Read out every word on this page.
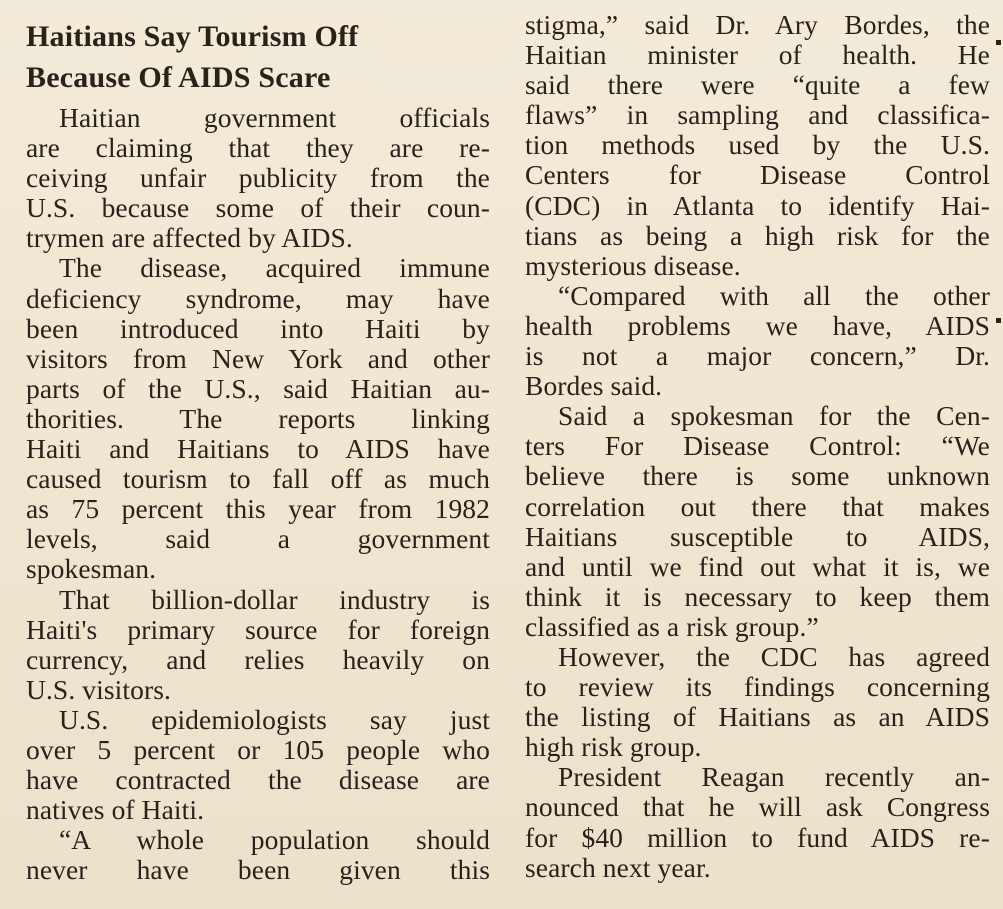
Haitians Say Tourism Off
Because Of AIDS Scare
Haitian government officials
are claiming that they are re-
ceiving unfair publicity from the
U.S. because some of their coun-
trymen are affected by AIDS.
The disease, acquired immune
deficiency syndrome, may have
been introduced into Haiti by
visitors from New York and other
parts of the U.S., said Haitian au-
thorities. The reports linking
Haiti and Haitians to AIDS have
caused tourism to fall off as much
as 75 percent this year from 1982
levels, said a government
spokesman.
That billion-dollar industry is
Haiti's primary source for foreign
currency, and relies heavily on
U.S. visitors.
U.S. epidemiologists say just
over 5 percent or 105 people who
have contracted the disease are
natives of Haiti.
“A whole population should
never have been given this
stigma,” said Dr. Ary Bordes, the
Haitian minister of health. He
said there were “quite a few
flaws” in sampling and classifica-
tion methods used by the U.S.
Centers for Disease Control
(CDC) in Atlanta to identify Hai-
tians as being a high risk for the
mysterious disease.
“Compared with all the other
health problems we have, AIDS
is not a major concern,” Dr.
Bordes said.
Said a spokesman for the Cen-
ters For Disease Control: “We
believe there is some unknown
correlation out there that makes
Haitians susceptible to AIDS,
and until we find out what it is, we
think it is necessary to keep them
classified as a risk group.”
However, the CDC has agreed
to review its findings concerning
the listing of Haitians as an AIDS
high risk group.
President Reagan recently an-
nounced that he will ask Congress
for $40 million to fund AIDS re-
search next year.
